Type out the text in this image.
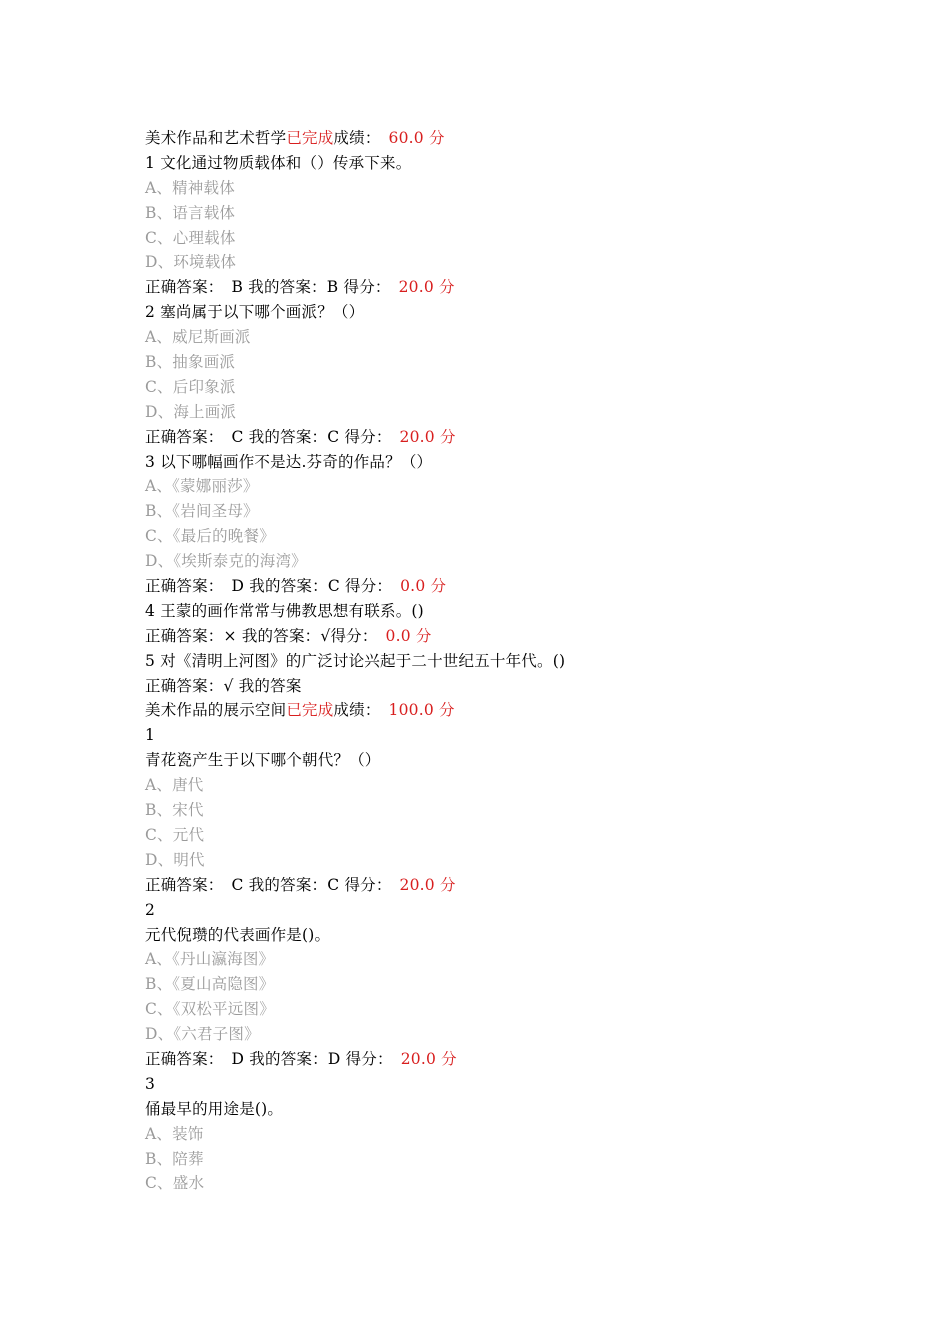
美术作品和艺术哲学已完成成绩： 60.0 分
1 文化通过物质载体和（）传承下来。
A、精神载体
B、语言载体
C、心理载体
D、环境载体
正确答案： B 我的答案：B 得分： 20.0 分
2 塞尚属于以下哪个画派？（）
A、威尼斯画派
B、抽象画派
C、后印象派
D、海上画派
正确答案： C 我的答案：C 得分： 20.0 分
3 以下哪幅画作不是达.芬奇的作品？（）
A、《蒙娜丽莎》
B、《岩间圣母》
C、《最后的晚餐》
D、《埃斯泰克的海湾》
正确答案： D 我的答案：C 得分： 0.0 分
4 王蒙的画作常常与佛教思想有联系。()
正确答案：× 我的答案：√得分： 0.0 分
5 对《清明上河图》的广泛讨论兴起于二十世纪五十年代。()
正确答案：√ 我的答案
美术作品的展示空间已完成成绩： 100.0 分
1
青花瓷产生于以下哪个朝代？（）
A、唐代
B、宋代
C、元代
D、明代
正确答案： C 我的答案：C 得分： 20.0 分
2
元代倪瓒的代表画作是()。
A、《丹山瀛海图》
B、《夏山高隐图》
C、《双松平远图》
D、《六君子图》
正确答案： D 我的答案：D 得分： 20.0 分
3
俑最早的用途是()。
A、装饰
B、陪葬
C、盛水
